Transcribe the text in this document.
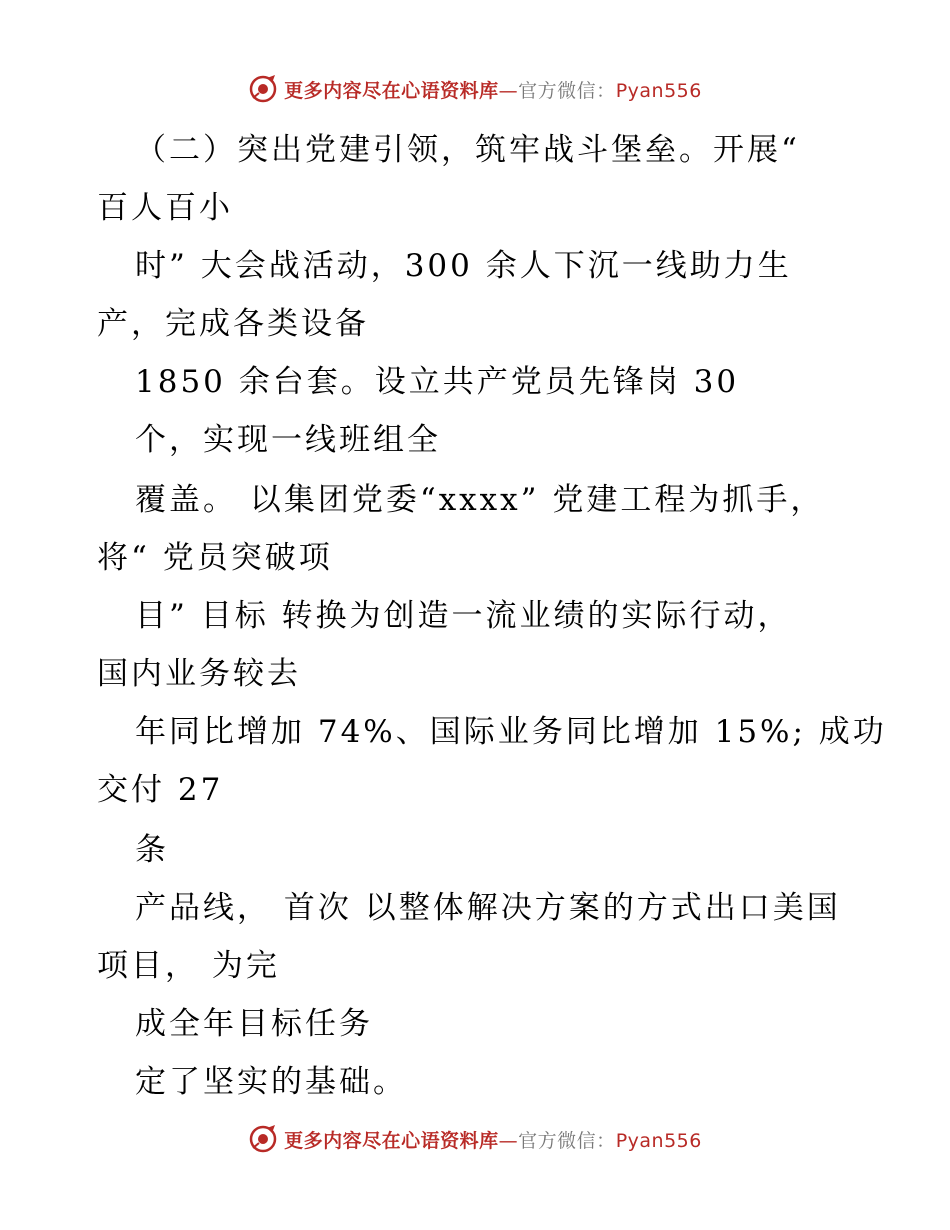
更多内容尽在心语资料库—官方微信：Pyan556
（二）突出党建引领，筑牢战斗堡垒。开展“
百人百小
时” 大会战活动，300 余人下沉一线助力生
产，完成各类设备
1850 余台套。设立共产党员先锋岗 30
个，实现一线班组全
覆盖。 以集团党委“xxxx” 党建工程为抓手，
将“ 党员突破项
目” 目标 转换为创造一流业绩的实际行动，
国内业务较去
年同比增加 74%、国际业务同比增加 15%; 成功
交付 27
条
产品线， 首次 以整体解决方案的方式出口美国
项目， 为完
成全年目标任务
定了坚实的基础。
更多内容尽在心语资料库—官方微信：Pyan556
